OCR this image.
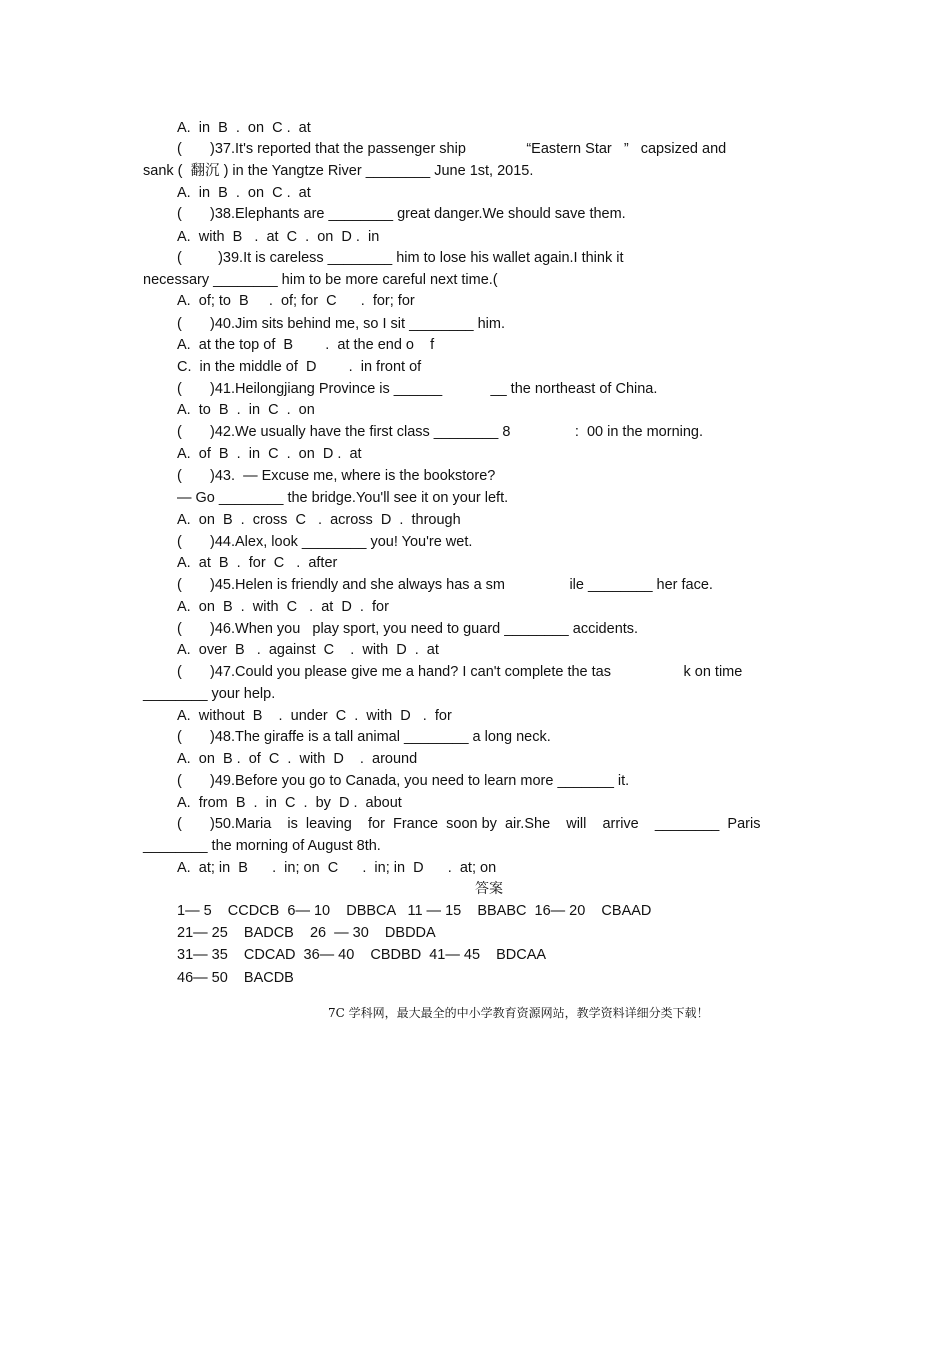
A.  in  B  .  on  C .  at
(       )37.It's reported that the passenger ship               “Eastern Star   ”   capsized and
sank (  翻沉 ) in the Yangtze River ________ June 1st, 2015.
A.  in  B  .  on  C .  at
(       )38.Elephants are ________ great danger.We should save them.
A.  with  B   .  at  C  .  on  D .  in
(         )39.It is careless ________ him to lose his wallet again.I think it
necessary ________ him to be more careful next time.(
A.  of; to  B     .  of; for  C      .  for; for
(       )40.Jim sits behind me, so I sit ________ him.
A.  at the top of  B        .  at the end o    f
C.  in the middle of  D        .  in front of
(       )41.Heilongjiang Province is ______            __ the northeast of China.
A.  to  B  .  in  C  .  on
(       )42.We usually have the first class ________ 8                :  00 in the morning.
A.  of  B  .  in  C  .  on  D .  at
(       )43.  — Excuse me, where is the bookstore?
— Go ________ the bridge.You'll see it on your left.
A.  on  B  .  cross  C   .  across  D  .  through
(       )44.Alex, look ________ you! You're wet.
A.  at  B  .  for  C   .  after
(       )45.Helen is friendly and she always has a sm                ile ________ her face.
A.  on  B  .  with  C   .  at  D  .  for
(       )46.When you   play sport, you need to guard ________ accidents.
A.  over  B   .  against  C    .  with  D  .  at
(       )47.Could you please give me a hand? I can't complete the tas                  k on time
________ your help.
A.  without  B    .  under  C  .  with  D   .  for
(       )48.The giraffe is a tall animal ________ a long neck.
A.  on  B .  of  C  .  with  D    .  around
(       )49.Before you go to Canada, you need to learn more _______ it.
A.  from  B  .  in  C  .  by  D .  about
(       )50.Maria    is  leaving    for  France  soon by  air.She    will    arrive    ________  Paris
________ the morning of August 8th.
A.  at; in  B      .  in; on  C      .  in; in  D      .  at; on
答案
1— 5    CCDCB  6— 10    DBBCA   11 — 15    BBABC  16— 20    CBAAD
21— 25    BADCB    26  — 30    DBDDA
31— 35    CDCAD  36— 40    CBDBD  41— 45    BDCAA
46— 50    BACDB
7C 学科网，最大最全的中小学教育资源网站，教学资料详细分类下载！
